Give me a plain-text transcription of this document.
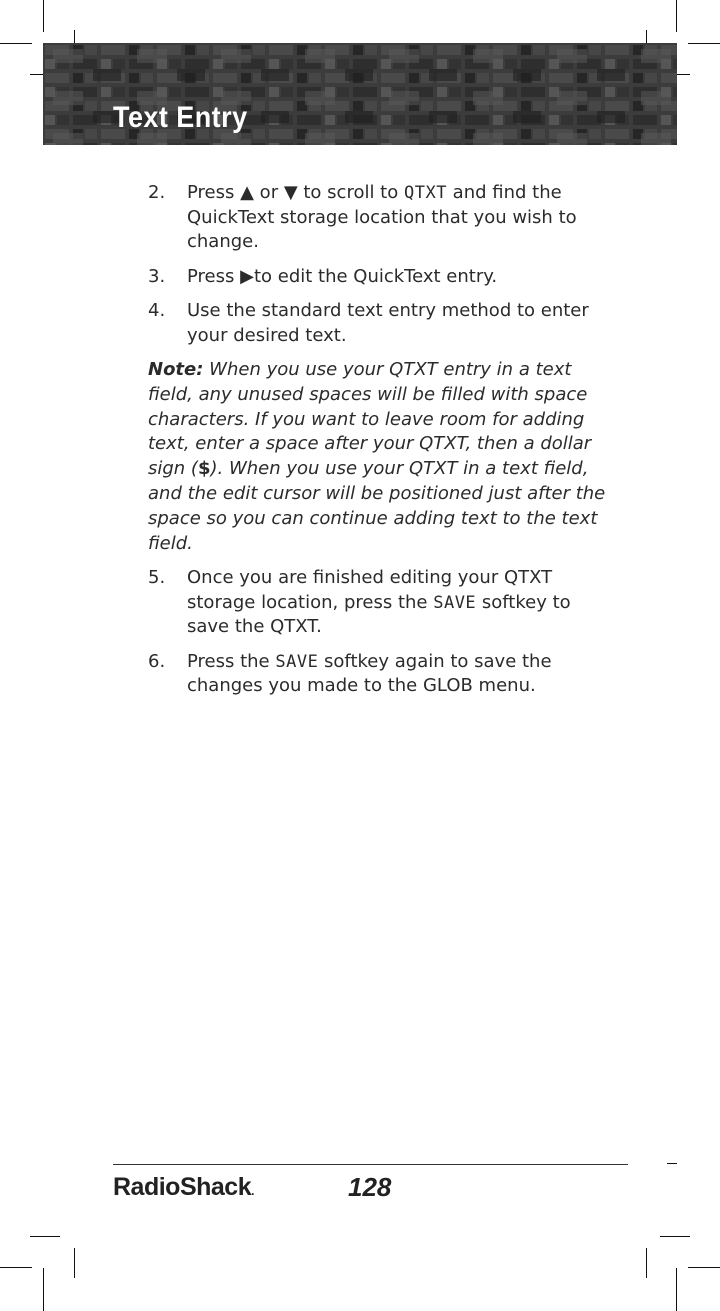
Text Entry
2. Press ▲ or ▼ to scroll to QTXT and find the QuickText storage location that you wish to change.
3. Press ▶to edit the QuickText entry.
4. Use the standard text entry method to enter your desired text.

Note: When you use your QTXT entry in a text field, any unused spaces will be filled with space characters. If you want to leave room for adding text, enter a space after your QTXT, then a dollar sign ($). When you use your QTXT in a text field, and the edit cursor will be positioned just after the space so you can continue adding text to the text field.

5. Once you are finished editing your QTXT storage location, press the SAVE softkey to save the QTXT.
6. Press the SAVE softkey again to save the changes you made to the GLOB menu.
RadioShack.	128
